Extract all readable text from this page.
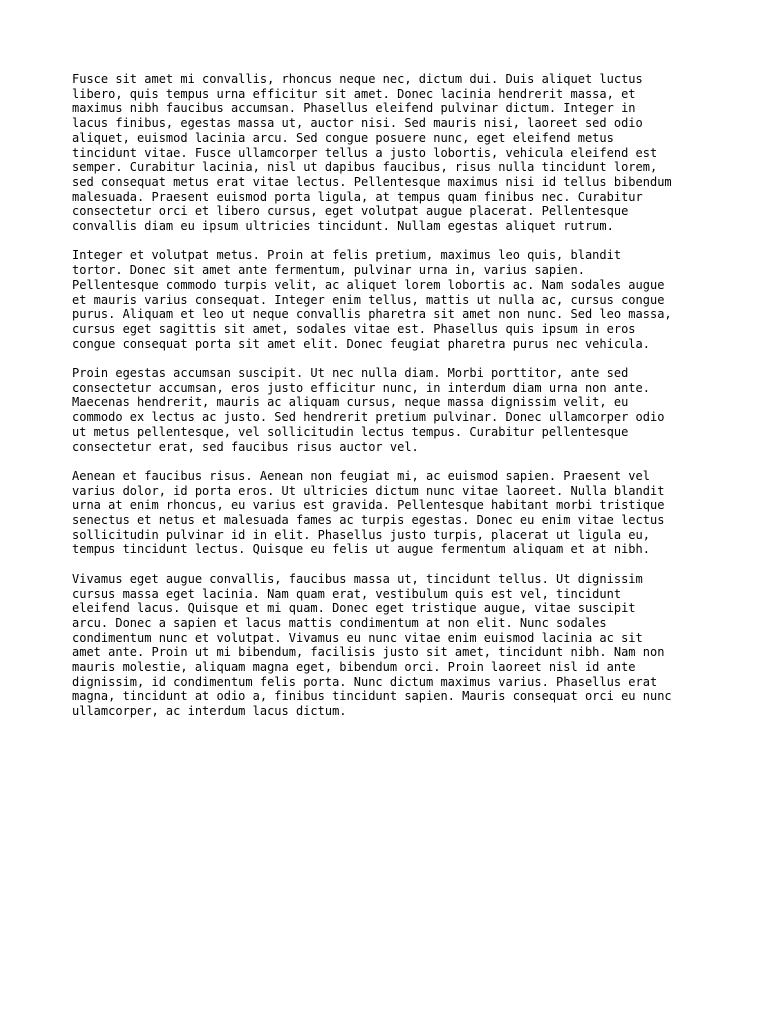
Fusce sit amet mi convallis, rhoncus neque nec, dictum dui. Duis aliquet luctus
libero, quis tempus urna efficitur sit amet. Donec lacinia hendrerit massa, et
maximus nibh faucibus accumsan. Phasellus eleifend pulvinar dictum. Integer in
lacus finibus, egestas massa ut, auctor nisi. Sed mauris nisi, laoreet sed odio
aliquet, euismod lacinia arcu. Sed congue posuere nunc, eget eleifend metus
tincidunt vitae. Fusce ullamcorper tellus a justo lobortis, vehicula eleifend est
semper. Curabitur lacinia, nisl ut dapibus faucibus, risus nulla tincidunt lorem,
sed consequat metus erat vitae lectus. Pellentesque maximus nisi id tellus bibendum
malesuada. Praesent euismod porta ligula, at tempus quam finibus nec. Curabitur
consectetur orci et libero cursus, eget volutpat augue placerat. Pellentesque
convallis diam eu ipsum ultricies tincidunt. Nullam egestas aliquet rutrum.

Integer et volutpat metus. Proin at felis pretium, maximus leo quis, blandit
tortor. Donec sit amet ante fermentum, pulvinar urna in, varius sapien.
Pellentesque commodo turpis velit, ac aliquet lorem lobortis ac. Nam sodales augue
et mauris varius consequat. Integer enim tellus, mattis ut nulla ac, cursus congue
purus. Aliquam et leo ut neque convallis pharetra sit amet non nunc. Sed leo massa,
cursus eget sagittis sit amet, sodales vitae est. Phasellus quis ipsum in eros
congue consequat porta sit amet elit. Donec feugiat pharetra purus nec vehicula.

Proin egestas accumsan suscipit. Ut nec nulla diam. Morbi porttitor, ante sed
consectetur accumsan, eros justo efficitur nunc, in interdum diam urna non ante.
Maecenas hendrerit, mauris ac aliquam cursus, neque massa dignissim velit, eu
commodo ex lectus ac justo. Sed hendrerit pretium pulvinar. Donec ullamcorper odio
ut metus pellentesque, vel sollicitudin lectus tempus. Curabitur pellentesque
consectetur erat, sed faucibus risus auctor vel.

Aenean et faucibus risus. Aenean non feugiat mi, ac euismod sapien. Praesent vel
varius dolor, id porta eros. Ut ultricies dictum nunc vitae laoreet. Nulla blandit
urna at enim rhoncus, eu varius est gravida. Pellentesque habitant morbi tristique
senectus et netus et malesuada fames ac turpis egestas. Donec eu enim vitae lectus
sollicitudin pulvinar id in elit. Phasellus justo turpis, placerat ut ligula eu,
tempus tincidunt lectus. Quisque eu felis ut augue fermentum aliquam et at nibh.

Vivamus eget augue convallis, faucibus massa ut, tincidunt tellus. Ut dignissim
cursus massa eget lacinia. Nam quam erat, vestibulum quis est vel, tincidunt
eleifend lacus. Quisque et mi quam. Donec eget tristique augue, vitae suscipit
arcu. Donec a sapien et lacus mattis condimentum at non elit. Nunc sodales
condimentum nunc et volutpat. Vivamus eu nunc vitae enim euismod lacinia ac sit
amet ante. Proin ut mi bibendum, facilisis justo sit amet, tincidunt nibh. Nam non
mauris molestie, aliquam magna eget, bibendum orci. Proin laoreet nisl id ante
dignissim, id condimentum felis porta. Nunc dictum maximus varius. Phasellus erat
magna, tincidunt at odio a, finibus tincidunt sapien. Mauris consequat orci eu nunc
ullamcorper, ac interdum lacus dictum.
